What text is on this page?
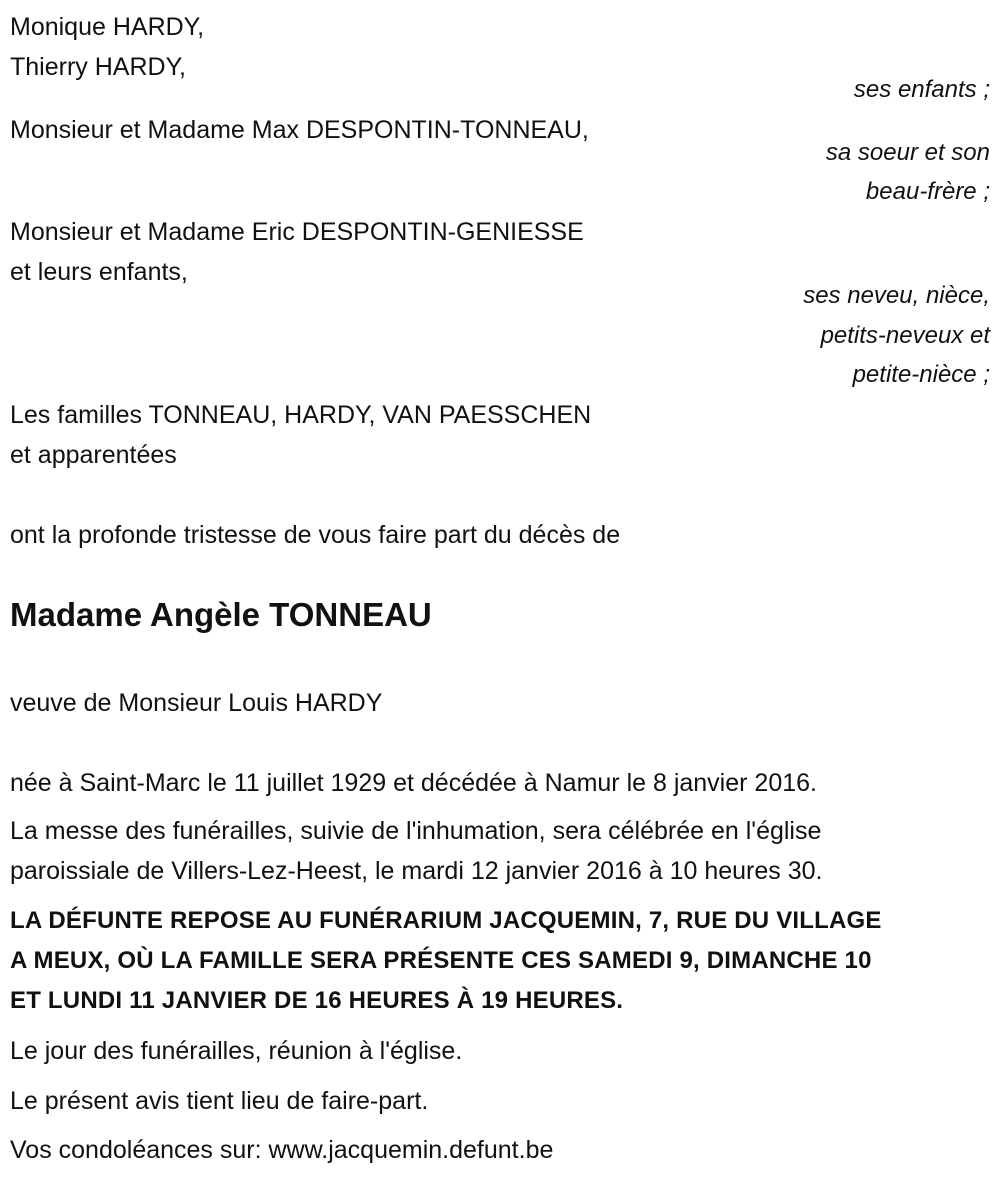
Monique HARDY,
Thierry HARDY,
ses enfants ;
Monsieur et Madame Max DESPONTIN-TONNEAU,
sa soeur et son
beau-frère ;
Monsieur et Madame Eric DESPONTIN-GENIESSE
et leurs enfants,
ses neveu, nièce,
petits-neveux et
petite-nièce ;
Les familles TONNEAU, HARDY, VAN PAESSCHEN
et apparentées
ont la profonde tristesse de vous faire part du décès de
Madame Angèle TONNEAU
veuve de Monsieur Louis HARDY
née à Saint-Marc le 11 juillet 1929 et décédée à Namur le 8 janvier 2016.
La messe des funérailles, suivie de l'inhumation, sera célébrée en l'église
paroissiale de Villers-Lez-Heest, le mardi 12 janvier 2016 à 10 heures 30.
LA DÉFUNTE REPOSE AU FUNÉRARIUM JACQUEMIN, 7, RUE DU VILLAGE
A MEUX, OÙ LA FAMILLE SERA PRÉSENTE CES SAMEDI 9, DIMANCHE 10
ET LUNDI 11 JANVIER DE 16 HEURES À 19 HEURES.
Le jour des funérailles, réunion à l'église.
Le présent avis tient lieu de faire-part.
Vos condoléances sur: www.jacquemin.defunt.be
